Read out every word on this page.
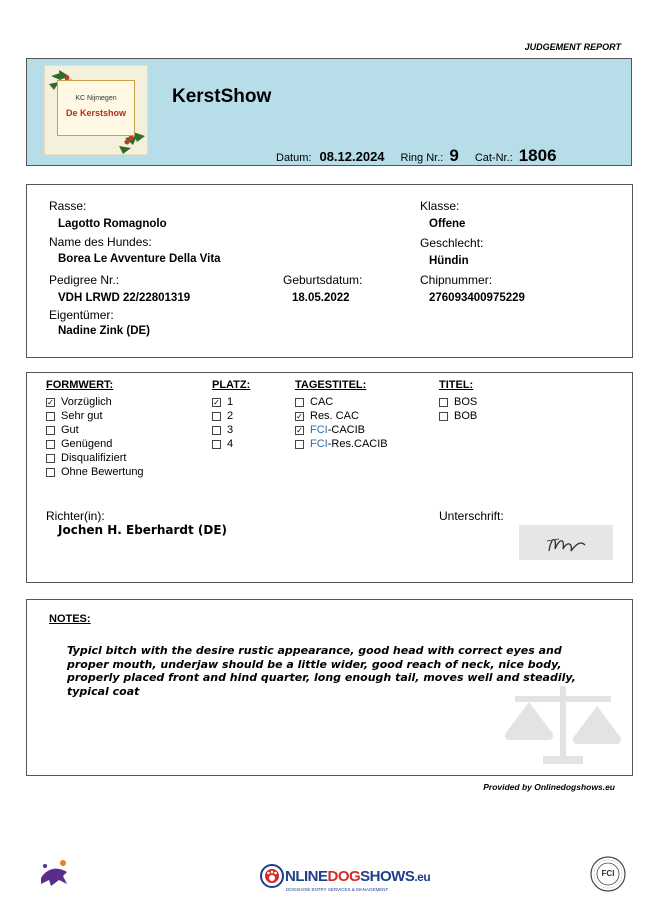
JUDGEMENT REPORT
KC Nijmegen
De Kerstshow
KerstShow
Datum: 08.12.2024 Ring Nr.: 9 Cat-Nr.: 1806
Rasse:
Lagotto Romagnolo
Name des Hundes:
Borea Le Avventure Della Vita
Pedigree Nr.:
VDH LRWD 22/22801319
Geburtsdatum:
18.05.2022
Eigentümer:
Nadine Zink (DE)
Klasse:
Offene
Geschlecht:
Hündin
Chipnummer:
276093400975229
FORMWERT:
✓ Vorzüglich
Sehr gut
Gut
Genügend
Disqualifiziert
Ohne Bewertung
PLATZ:
✓ 1
2
3
4
TAGESTITEL:
CAC
✓ Res. CAC
✓ FCI -CACIB
FCI -Res.CACIB
TITEL:
BOS
BOB
Richter(in):
Jochen H. Eberhardt (DE)
Unterschrift:
NOTES:
Typicl bitch with the desire rustic appearance, good head with correct eyes and proper mouth, underjaw should be a little wider, good reach of neck, nice body, properly placed front and hind quarter, long enough tail, moves well and steadily, typical coat
Provided by Onlinedogshows.eu
NLINEDOGSHOWS.eu
DOGSHOW ENTRY SERVICES & MANAGEMENT
FCI
